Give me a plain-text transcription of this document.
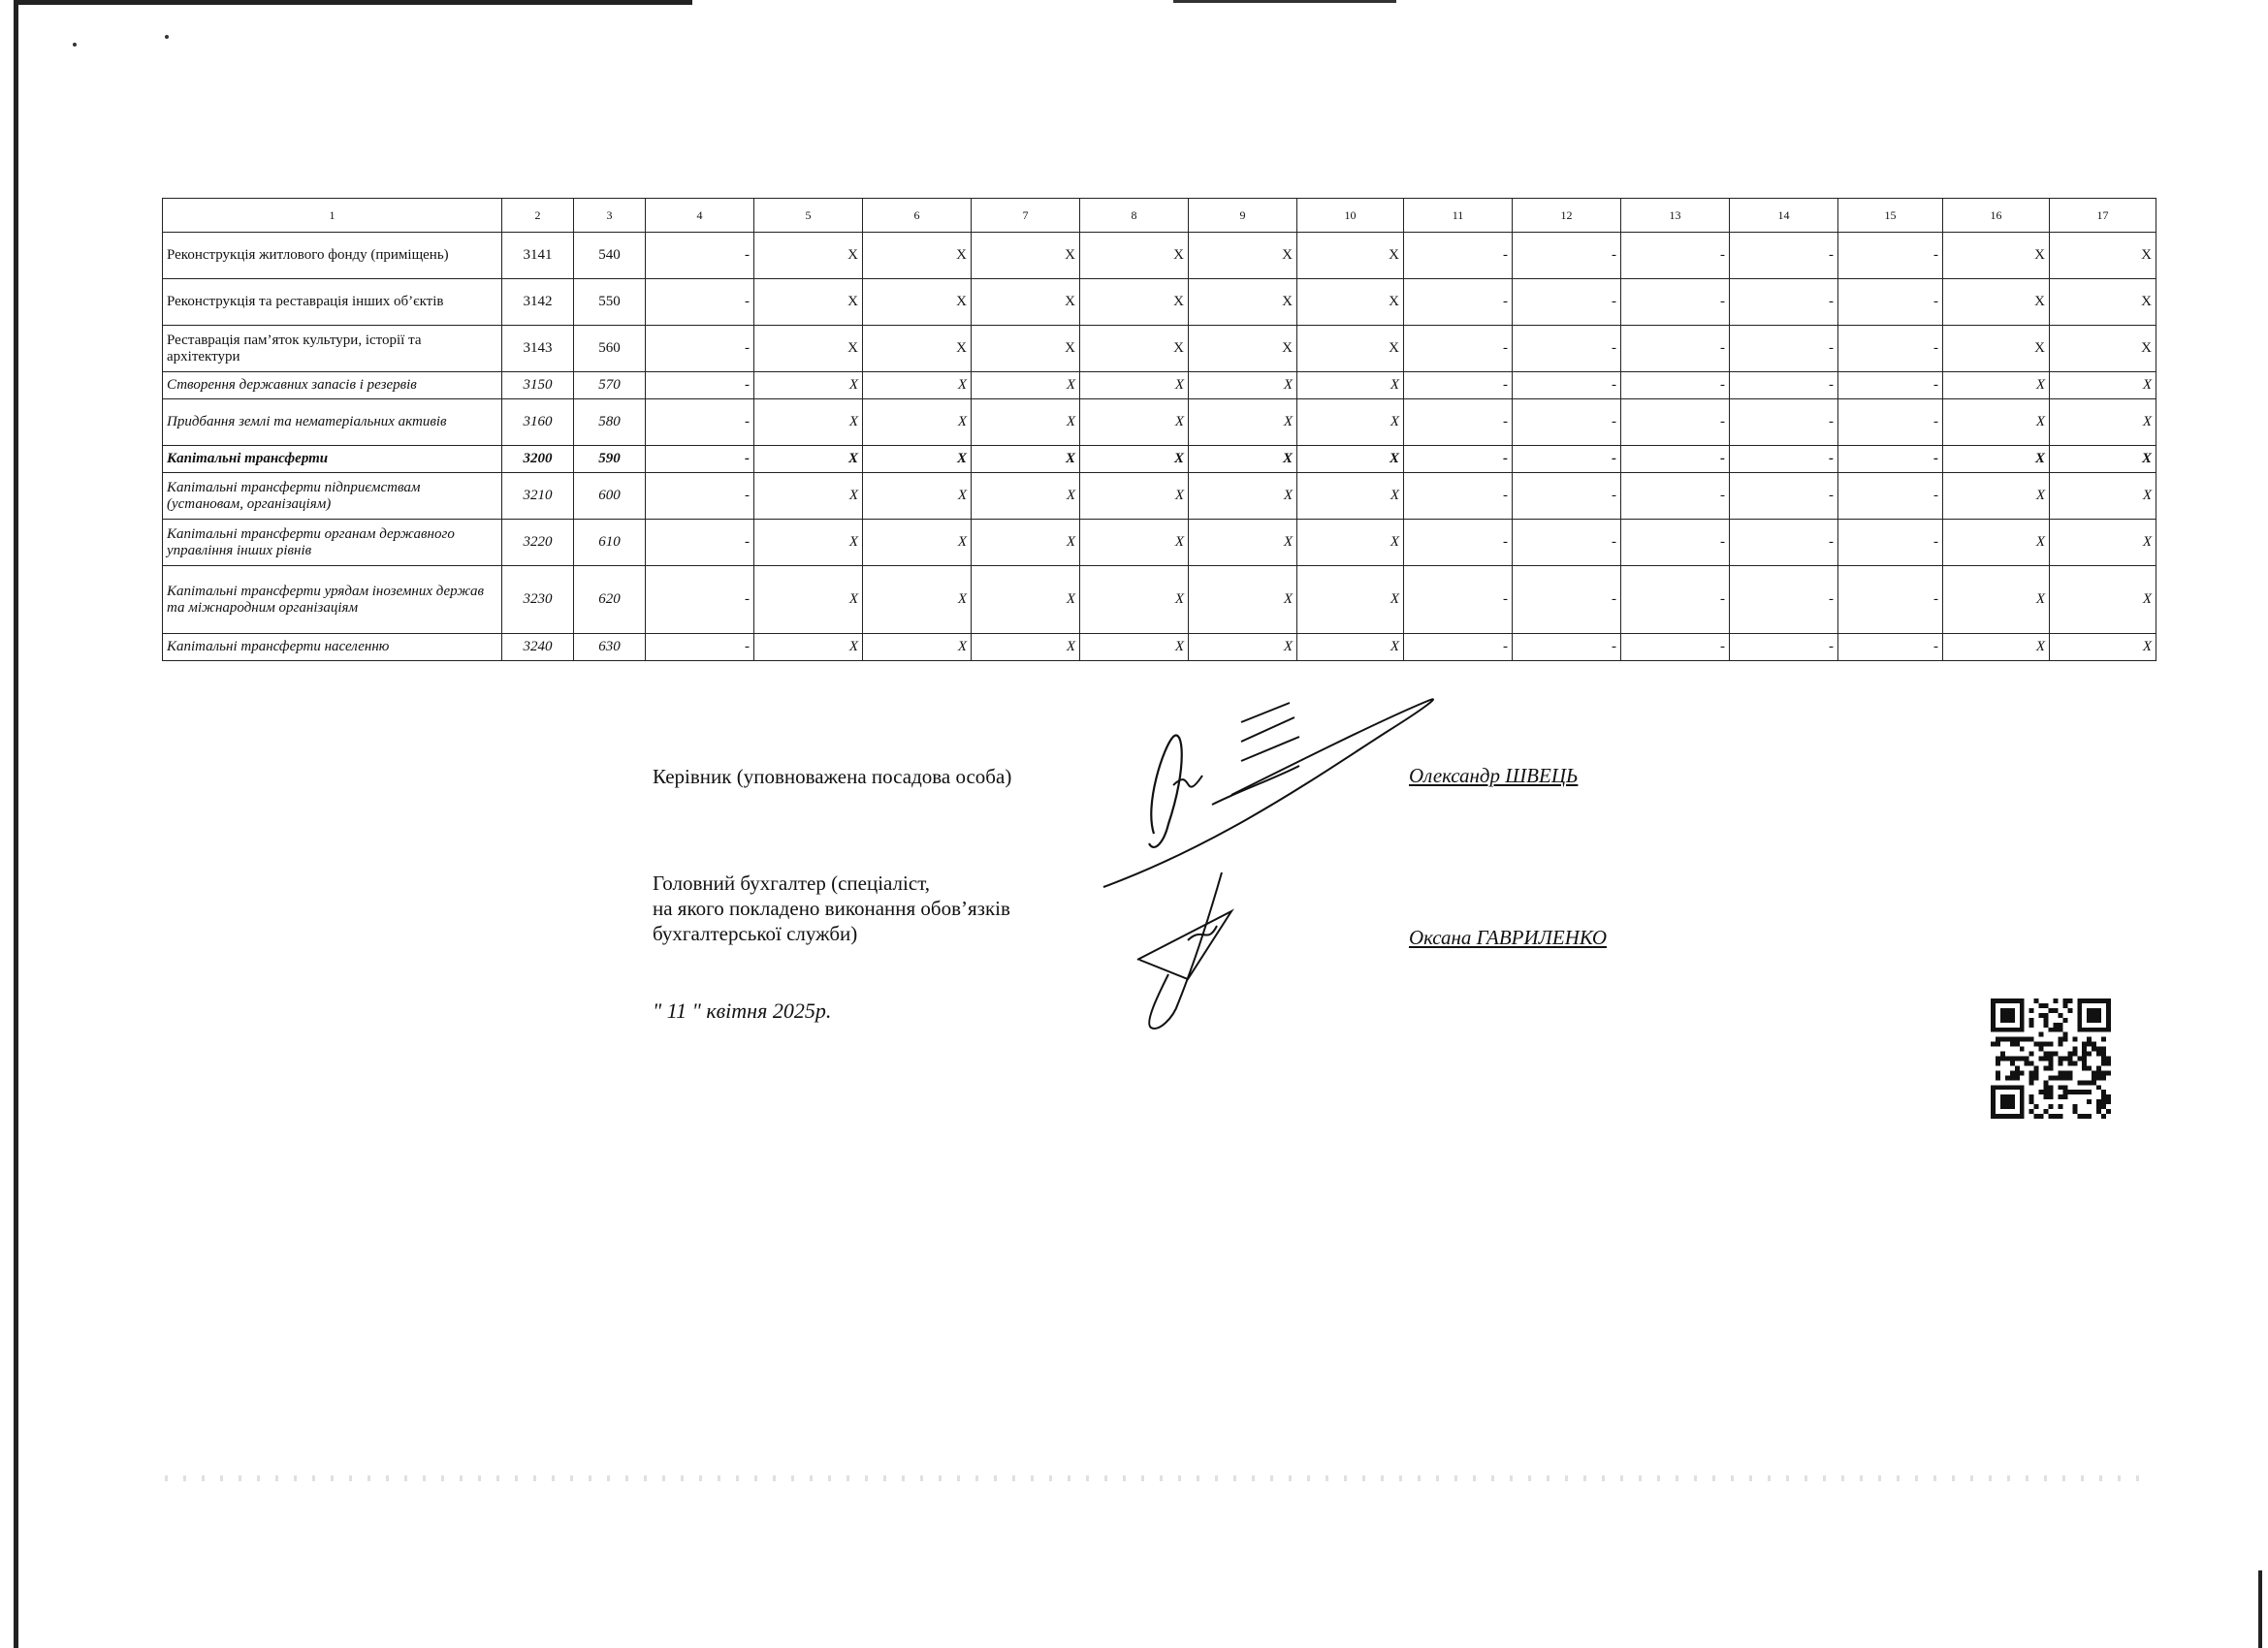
1	2	3	4	5	6	7	8	9	10	11	12	13	14	15	16	17
Реконструкція житлового фонду (приміщень)	3141	540	-	X	X	X	X	X	X	-	-	-	-	-	X	X
Реконструкція та реставрація інших об’єктів	3142	550	-	X	X	X	X	X	X	-	-	-	-	-	X	X
Реставрація пам’яток культури, історії та архітектури	3143	560	-	X	X	X	X	X	X	-	-	-	-	-	X	X
Створення державних запасів і резервів	3150	570	-	X	X	X	X	X	X	-	-	-	-	-	X	X
Придбання землі та нематеріальних активів	3160	580	-	X	X	X	X	X	X	-	-	-	-	-	X	X
Капітальні трансферти	3200	590	-	X	X	X	X	X	X	-	-	-	-	-	X	X
Капітальні трансферти підприємствам (установам, організаціям)	3210	600	-	X	X	X	X	X	X	-	-	-	-	-	X	X
Капітальні трансферти органам державного управління інших рівнів	3220	610	-	X	X	X	X	X	X	-	-	-	-	-	X	X
Капітальні трансферти урядам іноземних держав та міжнародним організаціям	3230	620	-	X	X	X	X	X	X	-	-	-	-	-	X	X
Капітальні трансферти населенню	3240	630	-	X	X	X	X	X	X	-	-	-	-	-	X	X
Керівник (уповноважена посадова особа)	Олександр ШВЕЦЬ
Головний бухгалтер (спеціаліст,
на якого покладено виконання обов’язків
бухгалтерської служби)	Оксана ГАВРИЛЕНКО
" 11 " квітня 2025р.
